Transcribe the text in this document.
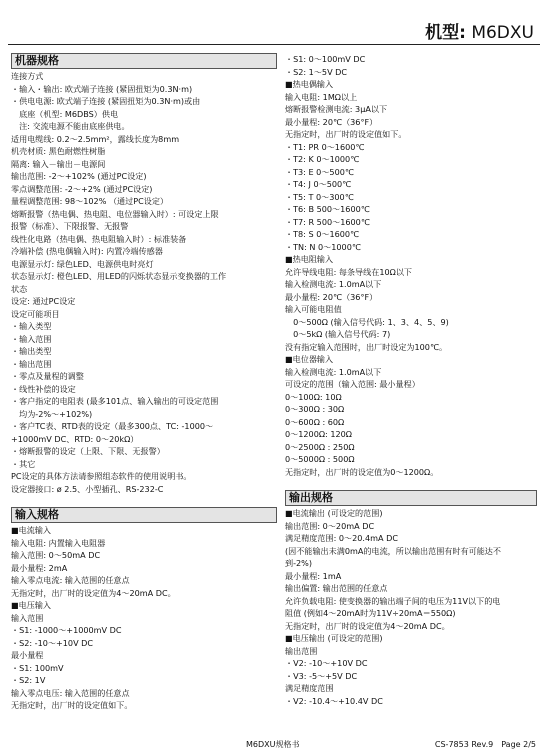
机型: M6DXU
机器规格
连接方式
・输入・输出: 欧式端子连接 (紧固扭矩为0.3N·m)
・供电电源: 欧式端子连接 (紧固扭矩为0.3N·m)或由
　底座（机型: M6DBS）供电
　注: 交流电源不能由底座供电。
适用电缆线: 0.2～2.5mm²，露线长度为8mm
机壳材质: 黑色耐燃性树脂
隔离: 输入－输出－电源间
输出范围: -2～+102% (通过PC设定)
零点调整范围: -2～+2% (通过PC设定)
量程调整范围: 98～102% （通过PC设定）
熔断报警（热电偶、热电阻、电位器输入时）: 可设定上限
报警（标准）、下限报警、无报警
线性化电路（热电偶、热电阻输入时）: 标准装备
冷端补偿 (热电偶输入时): 内置冷端传感器
电源显示灯: 绿色LED、电源供电时亮灯
状态显示灯: 橙色LED、用LED的闪烁状态显示变换器的工作
状态
设定: 通过PC设定
设定可能项目
・输入类型
・输入范围
・输出类型
・输出范围
・零点及量程的调整
・线性补偿的设定
・客户指定的电阻表 (最多101点、输入输出的可设定范围
　均为-2%～+102%)
・客户TC表、RTD表的设定（最多300点、TC: -1000～
+1000mV DC、RTD: 0～20kΩ）
・熔断报警的设定（上限、下限、无报警）
・其它
PC设定的具体方法请参照组态软件的使用说明书。
设定器接口: ø 2.5、小型插孔、RS-232-C
输入规格
■电流输入
输入电阻: 内置输入电阻器
输入范围: 0～50mA DC
最小量程: 2mA
输入零点电流: 输入范围的任意点
无指定时，出厂时的设定值为4～20mA DC。
■电压输入
输入范围
・S1: -1000～+1000mV DC
・S2: -10～+10V DC
最小量程
・S1: 100mV
・S2: 1V
输入零点电压: 输入范围的任意点
无指定时，出厂时的设定值如下。
・S1: 0～100mV DC
・S2: 1～5V DC
■热电偶输入
输入电阻: 1MΩ以上
熔断报警检测电流: 3μA以下
最小量程: 20℃（36°F）
无指定时，出厂时的设定值如下。
・T1: PR 0～1600℃
・T2: K 0～1000℃
・T3: E 0～500℃
・T4: J 0～500℃
・T5: T 0～300℃
・T6: B 500～1600℃
・T7: R 500～1600℃
・T8: S 0～1600℃
・TN: N 0～1000℃
■热电阻输入
允许导线电阻: 每条导线在10Ω以下
输入检测电流: 1.0mA以下
最小量程: 20℃（36°F）
输入可能电阻值
　0～500Ω (输入信号代码: 1、3、4、5、9)
　0～5kΩ (输入信号代码: 7)
没有指定输入范围时，出厂时设定为100℃。
■电位器输入
输入检测电流: 1.0mA以下
可设定的范围（输入范围: 最小量程）
0～100Ω: 10Ω
0～300Ω : 30Ω
0～600Ω : 60Ω
0～1200Ω: 120Ω
0～2500Ω : 250Ω
0～5000Ω : 500Ω
无指定时，出厂时的设定值为0～1200Ω。
输出规格
■电流输出 (可设定的范围)
输出范围: 0～20mA DC
满足精度范围: 0～20.4mA DC
(因不能输出未满0mA的电流，所以输出范围有时有可能达不
到-2%)
最小量程: 1mA
输出偏置: 输出范围的任意点
允许负载电阻: 使变换器的输出端子间的电压为11V以下的电
阻值 (例如4～20mA时为11V÷20mA＝550Ω)
无指定时，出厂时的设定值为4～20mA DC。
■电压输出 (可设定的范围)
输出范围
・V2: -10～+10V DC
・V3: -5～+5V DC
满足精度范围
・V2: -10.4～+10.4V DC
M6DXU规格书	CS-7853 Rev.9　Page 2/5
